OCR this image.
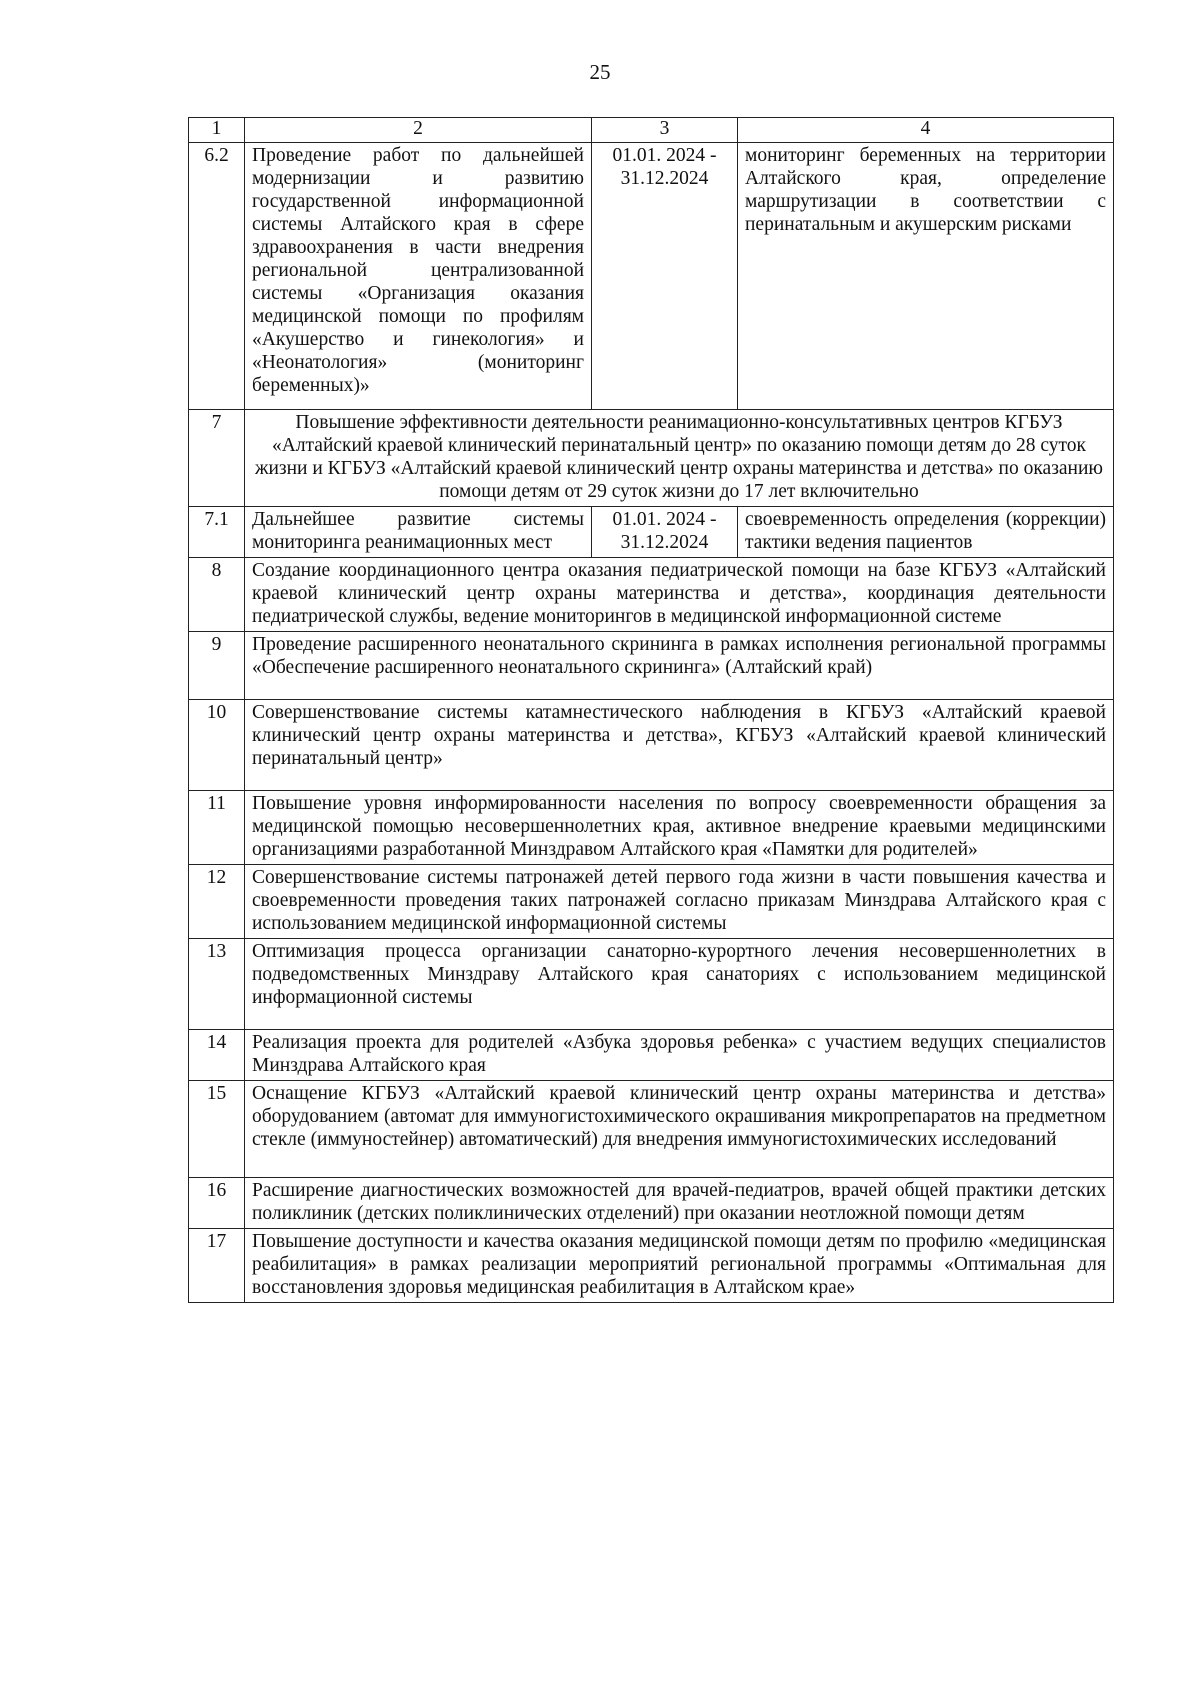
25
1	2	3	4
6.2	Проведение работ по дальнейшей модернизации и развитию государственной информационной системы Алтайского края в сфере здравоохранения в части внедрения региональной централизованной системы «Организация оказания медицинской помощи по профилям «Акушерство и гинекология» и «Неонатология» (мониторинг беременных)»	01.01. 2024 - 31.12.2024	мониторинг беременных на территории Алтайского края, определение маршрутизации в соответствии с перинатальным и акушерским рисками
7	Повышение эффективности деятельности реанимационно-консультативных центров КГБУЗ «Алтайский краевой клинический перинатальный центр» по оказанию помощи детям до 28 суток жизни и КГБУЗ «Алтайский краевой клинический центр охраны материнства и детства» по оказанию помощи детям от 29 суток жизни до 17 лет включительно		
7.1	Дальнейшее развитие системы мониторинга реанимационных мест	01.01. 2024 - 31.12.2024	своевременность определения (коррекции) тактики ведения пациентов
8	Создание координационного центра оказания педиатрической помощи на базе КГБУЗ «Алтайский краевой клинический центр охраны материнства и детства», координация деятельности педиатрической службы, ведение мониторингов в медицинской информационной системе		
9	Проведение расширенного неонатального скрининга в рамках исполнения региональной программы «Обеспечение расширенного неонатального скрининга» (Алтайский край)		
10	Совершенствование системы катамнестического наблюдения в КГБУЗ «Алтайский краевой клинический центр охраны материнства и детства», КГБУЗ «Алтайский краевой клинический перинатальный центр»		
11	Повышение уровня информированности населения по вопросу своевременности обращения за медицинской помощью несовершеннолетних края, активное внедрение краевыми медицинскими организациями разработанной Минздравом Алтайского края «Памятки для родителей»		
12	Совершенствование системы патронажей детей первого года жизни в части повышения качества и своевременности проведения таких патронажей согласно приказам Минздрава Алтайского края с использованием медицинской информационной системы		
13	Оптимизация процесса организации санаторно-курортного лечения несовершеннолетних в подведомственных Минздраву Алтайского края санаториях с использованием медицинской информационной системы		
14	Реализация проекта для родителей «Азбука здоровья ребенка» с участием ведущих специалистов Минздрава Алтайского края		
15	Оснащение КГБУЗ «Алтайский краевой клинический центр охраны материнства и детства» оборудованием (автомат для иммуногистохимического окрашивания микропрепаратов на предметном стекле (иммуностейнер) автоматический) для внедрения иммуногистохимических исследований		
16	Расширение диагностических возможностей для врачей-педиатров, врачей общей практики детских поликлиник (детских поликлинических отделений) при оказании неотложной помощи детям		
17	Повышение доступности и качества оказания медицинской помощи детям по профилю «медицинская реабилитация» в рамках реализации мероприятий региональной программы «Оптимальная для восстановления здоровья медицинская реабилитация в Алтайском крае»		
